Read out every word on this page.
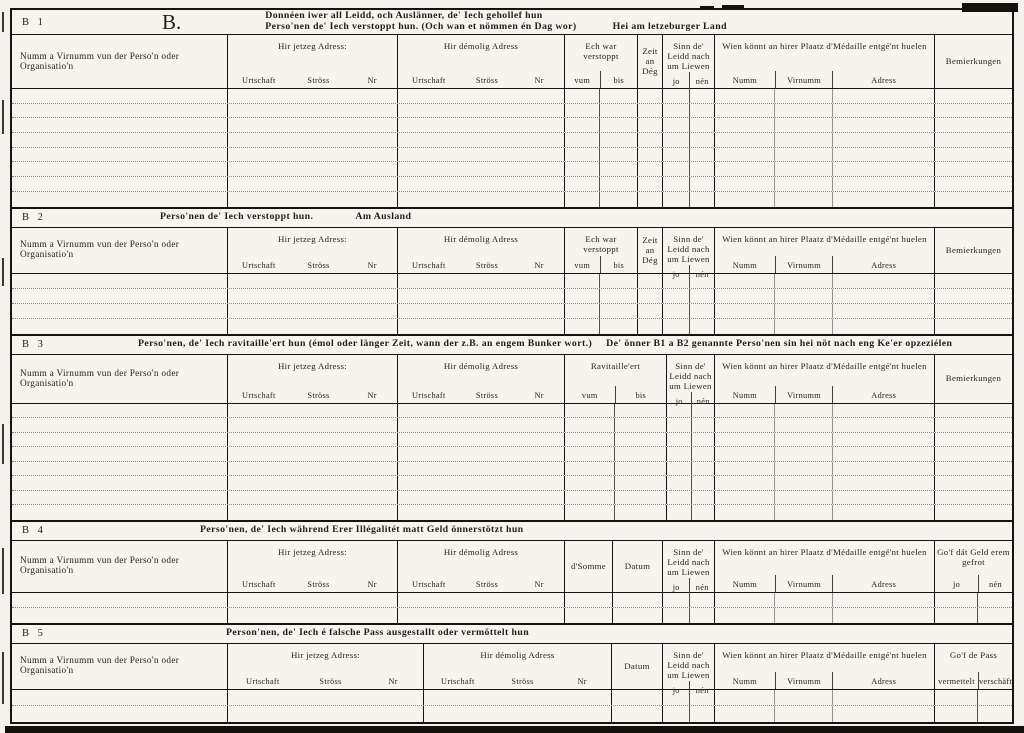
B 1	B.	Donnéen iwer all Leidd, och Auslänner, de' Iech gehollef hun
Perso'nen de' Iech verstoppt hun. (Och wan et nömmen én Dag wor)	Hei am letzeburger Land
Numm a Virnumm vun der Perso'n oder Organisatio'n
Hir jetzeg Adress:
Urtschaft	Ströss	Nr
Hir démolig Adress
Urtschaft	Ströss	Nr
Ech war verstoppt
vum	bis
Zeit an Dég
Sinn de' Leidd nach um Liewen
jo	nén
Wien könnt an hirer Plaatz d'Médaille entgé'nt huelen
Numm	Virnumm	Adress
Bemierkungen
B 2	Perso'nen de' Iech verstoppt hun.	Am Ausland
Numm a Virnumm vun der Perso'n oder Organisatio'n
Hir jetzeg Adress:
Urtschaft	Ströss	Nr
Hir démolig Adress
Urtschaft	Ströss	Nr
Ech war verstoppt
vum	bis
Zeit an Dég
Sinn de' Leidd nach um Liewen
jo	nén
Wien könnt an hirer Plaatz d'Médaille entgé'nt huelen
Numm	Virnumm	Adress
Bemierkungen
B 3	Perso'nen, de' Iech ravitaille'ert hun (émol oder länger Zeit, wann der z.B. an engem Bunker wort.) De' önner B1 a B2 genannte Perso'nen sin hei nöt nach eng Ke'er opzeziélen
Numm a Virnumm vun der Perso'n oder Organisatio'n
Hir jetzeg Adress:
Urtschaft	Ströss	Nr
Hir démolig Adress
Urtschaft	Ströss	Nr
Ravitaille'ert
vum	bis
Sinn de' Leidd nach um Liewen
jo	nén
Wien könnt an hirer Plaatz d'Médaille entgé'nt huelen
Numm	Virnumm	Adress
Bemierkungen
B 4	Perso'nen, de' Iech während Erer Illégalitét matt Geld önnerstötzt hun
Numm a Virnumm vun der Perso'n oder Organisatio'n
Hir jetzeg Adress:
Urtschaft	Ströss	Nr
Hir démolig Adress
Urtschaft	Ströss	Nr
d'Somme	Datum
Sinn de' Leidd nach um Liewen
jo	nén
Wien könnt an hirer Plaatz d'Médaille entgé'nt huelen
Numm	Virnumm	Adress
Go'f dát Geld erem gefrot
jo	nén
B 5	Person'nen, de' Iech é falsche Pass ausgestallt oder vermöttelt hun
Numm a Virnumm vun der Perso'n oder Organisatio'n
Hir jetzeg Adress:
Urtschaft	Ströss	Nr
Hir démolig Adress
Urtschaft	Ströss	Nr
Datum
Sinn de' Leidd nach um Liewen
jo	nén
Wien könnt an hirer Plaatz d'Médaille entgé'nt huelen
Numm	Virnumm	Adress
Go'f de Pass
vermettelt verschäft
